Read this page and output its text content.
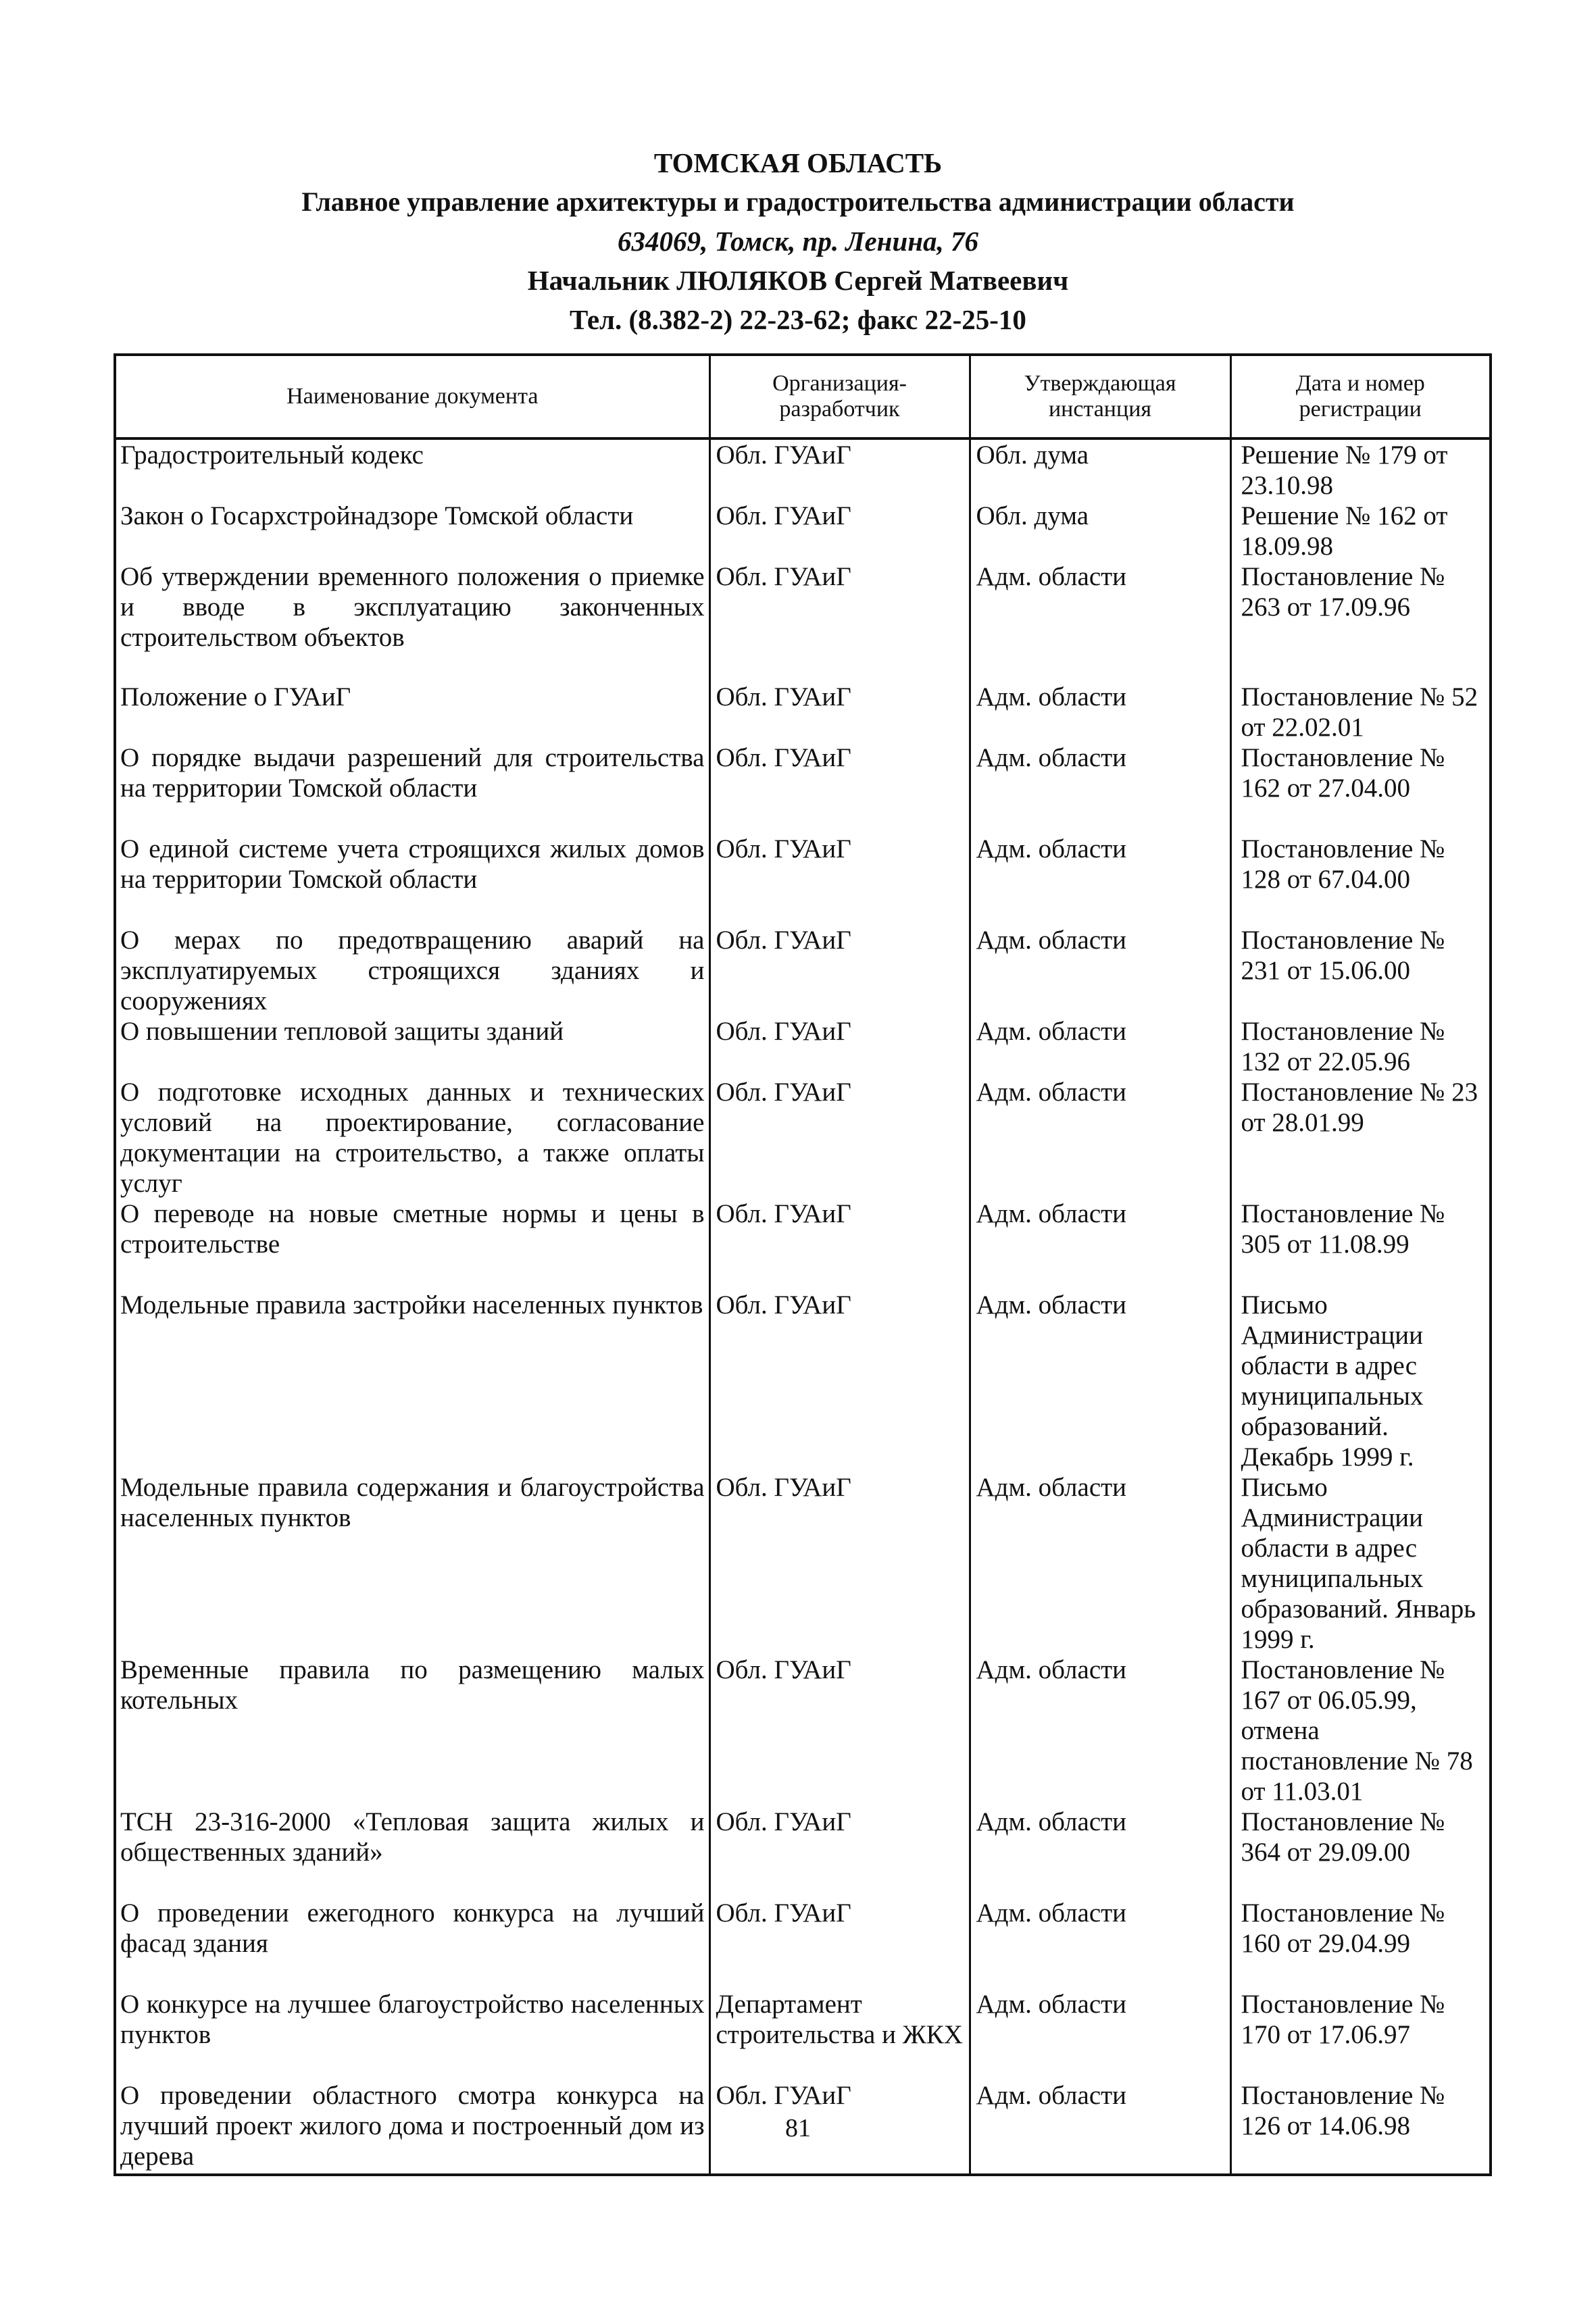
ТОМСКАЯ ОБЛАСТЬ
Главное управление архитектуры и градостроительства администрации области
634069, Томск, пр. Ленина, 76
Начальник ЛЮЛЯКОВ Сергей Матвеевич
Тел. (8.382-2) 22-23-62; факс 22-25-10
Наименование документа	Организация-разработчик	Утверждающая инстанция	Дата и номер регистрации
Градостроительный кодекс	Обл. ГУАиГ	Обл. дума	Решение № 179 от 23.10.98
Закон о Госархстройнадзоре Томской области	Обл. ГУАиГ	Обл. дума	Решение № 162 от 18.09.98
Об утверждении временного положения о приемке и вводе в эксплуатацию законченных строительством объектов	Обл. ГУАиГ	Адм. области	Постановление № 263 от 17.09.96
Положение о ГУАиГ	Обл. ГУАиГ	Адм. области	Постановление № 52 от 22.02.01
О порядке выдачи разрешений для строительства на территории Томской области	Обл. ГУАиГ	Адм. области	Постановление № 162 от 27.04.00
О единой системе учета строящихся жилых домов на территории Томской области	Обл. ГУАиГ	Адм. области	Постановление № 128 от 67.04.00
О мерах по предотвращению аварий на эксплуатируемых строящихся зданиях и сооружениях	Обл. ГУАиГ	Адм. области	Постановление № 231 от 15.06.00
О повышении тепловой защиты зданий	Обл. ГУАиГ	Адм. области	Постановление № 132 от 22.05.96
О подготовке исходных данных и технических условий на проектирование, согласование документации на строительство, а также оплаты услуг	Обл. ГУАиГ	Адм. области	Постановление № 23 от 28.01.99
О переводе на новые сметные нормы и цены в строительстве	Обл. ГУАиГ	Адм. области	Постановление № 305 от 11.08.99
Модельные правила застройки населенных пунктов	Обл. ГУАиГ	Адм. области	Письмо Администрации области в адрес муниципальных образований. Декабрь 1999 г.
Модельные правила содержания и благоустройства населенных пунктов	Обл. ГУАиГ	Адм. области	Письмо Администрации области в адрес муниципальных образований. Январь 1999 г.
Временные правила по размещению малых котельных	Обл. ГУАиГ	Адм. области	Постановление № 167 от 06.05.99, отмена постановление № 78 от 11.03.01
ТСН 23-316-2000 «Тепловая защита жилых и общественных зданий»	Обл. ГУАиГ	Адм. области	Постановление № 364 от 29.09.00
О проведении ежегодного конкурса на лучший фасад здания	Обл. ГУАиГ	Адм. области	Постановление № 160 от 29.04.99
О конкурсе на лучшее благоустройство населенных пунктов	Департамент строительства и ЖКХ	Адм. области	Постановление № 170 от 17.06.97
О проведении областного смотра конкурса на лучший проект жилого дома и построенный дом из дерева	Обл. ГУАиГ	Адм. области	Постановление № 126 от 14.06.98
81
